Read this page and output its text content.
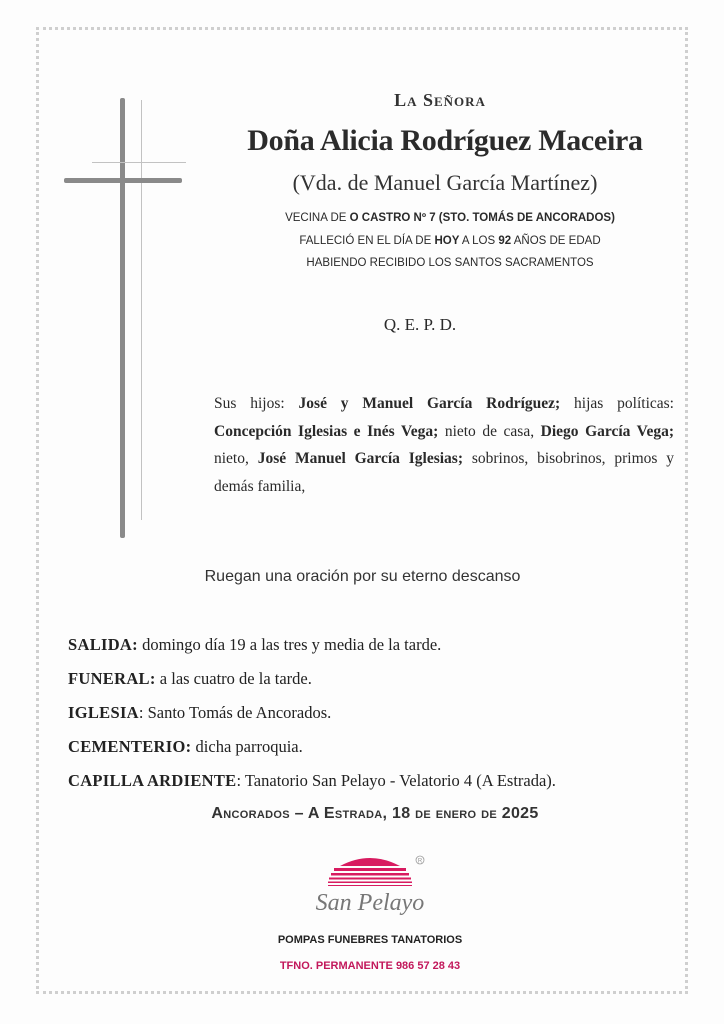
La Señora
Doña Alicia Rodríguez Maceira
(Vda. de Manuel García Martínez)
VECINA DE O CASTRO Nº 7 (STO. TOMÁS DE ANCORADOS)
FALLECIÓ EN EL DÍA DE HOY A LOS 92 AÑOS DE EDAD
HABIENDO RECIBIDO LOS SANTOS SACRAMENTOS
Q. E. P. D.
Sus hijos: José y Manuel García Rodríguez; hijas políticas: Concepción Iglesias e Inés Vega; nieto de casa, Diego García Vega; nieto, José Manuel García Iglesias; sobrinos, bisobrinos, primos y demás familia,
Ruegan una oración por su eterno descanso
SALIDA: domingo día 19 a las tres y media de la tarde.
FUNERAL: a las cuatro de la tarde.
IGLESIA: Santo Tomás de Ancorados.
CEMENTERIO: dicha parroquia.
CAPILLA ARDIENTE: Tanatorio San Pelayo - Velatorio 4 (A Estrada).
Ancorados – A Estrada, 18 de enero de 2025
R
San Pelayo
POMPAS FUNEBRES TANATORIOS
TFNO. PERMANENTE 986 57 28 43
